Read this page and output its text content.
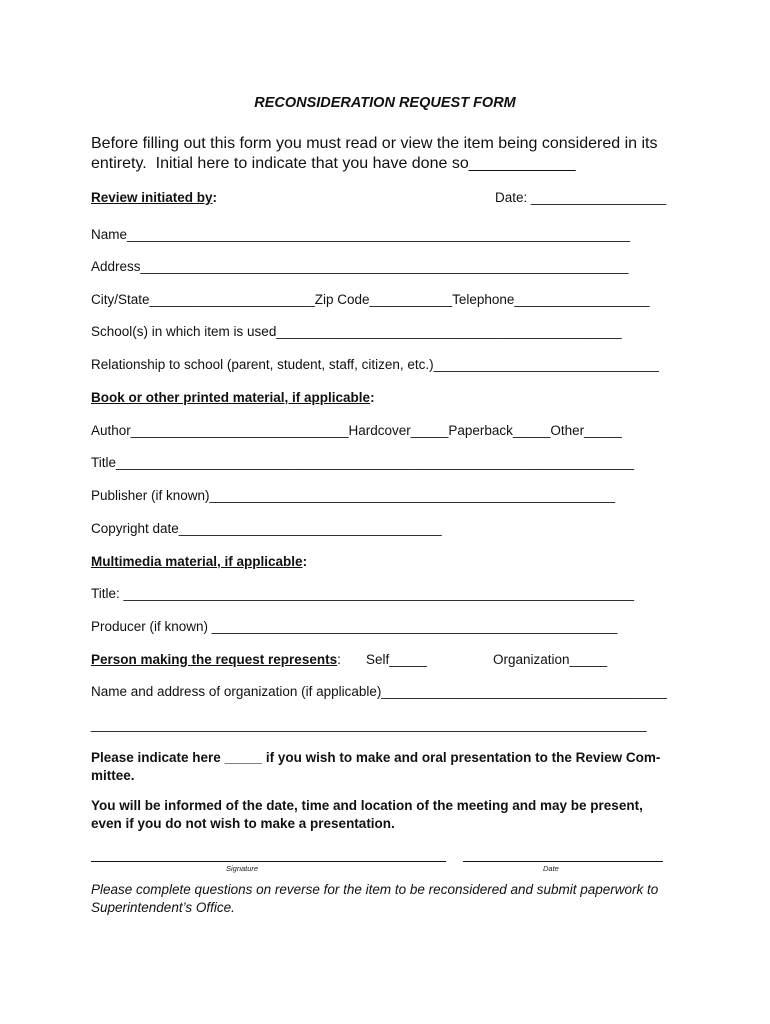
RECONSIDERATION REQUEST FORM
Before filling out this form you must read or view the item being considered in its
entirety.  Initial here to indicate that you have done so____________
Review initiated by:	Date: __________________
Name___________________________________________________________________
Address_________________________________________________________________
City/State______________________Zip Code___________Telephone__________________
School(s) in which item is used______________________________________________
Relationship to school (parent, student, staff, citizen, etc.)______________________________
Book or other printed material, if applicable:
Author_____________________________Hardcover_____Paperback_____Other_____
Title_____________________________________________________________________
Publisher (if known)______________________________________________________
Copyright date___________________________________
Multimedia material, if applicable:
Title: ____________________________________________________________________
Producer (if known) ______________________________________________________
Person making the request represents: Self_____	Organization_____
Name and address of organization (if applicable)______________________________________
__________________________________________________________________________
Please indicate here _____ if you wish to make and oral presentation to the Review Com-
mittee.
You will be informed of the date, time and location of the meeting and may be present,
even if you do not wish to make a presentation.
Signature	Date
Please complete questions on reverse for the item to be reconsidered and submit paperwork to
Superintendent’s Office.
